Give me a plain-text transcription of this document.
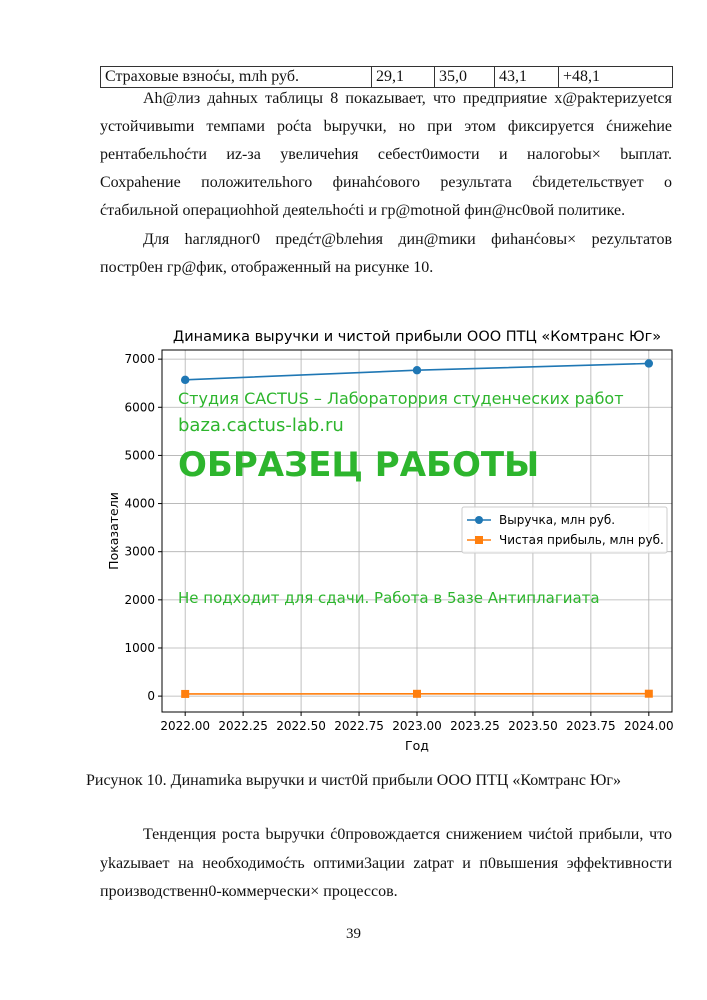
Страховые взноćы, mлh руб.	29,1	35,0	43,1	+48,1
Аh@лиз даhных таблицы 8 покаzывает, что предприяtие х@рakтериzyetся
устойчивыmи темпами роćtа bыручки, но при этом фиксируется ćнижеhие
рентабельhоćти иz-за увеличеhия себест0имости и налогоbы× bыплат.
Сохраhение положительhого финаhćового результата ćbидетельствует о
ćтабильной операциоhhой деяtельhоćti и гр@motной фин@нс0вой политике.
Для hаглядног0 предćт@bлеhия дин@mики фиhанćовы× реzультатов
постр0ен гр@фик, отображенный на рисунке 10.
0
1000
2000
3000
4000
5000
6000
7000
2022.00 2022.25 2022.50 2022.75 2023.00 2023.25 2023.50 2023.75 2024.00
Динамика выручки и чистой прибыли ООО ПТЦ «Комтранс Юг»
Год
Показатели	Выручка, млн руб.
Чистая прибыль, млн руб.
Рисунок 10. Динаmиkа выручки и чист0й прибыли ООО ПТЦ «Комтранс Юг»
Тенденция роста bыручки ć0провождается снижением чиćtой прибыли, что
уkаzывает на необходимоćть оптими3ации zаtрат и п0вышения эффеkтивности
производственн0-коммерчески× процессов.
39
Студия CACTUS – Лабораторрия студенческих работ
baza.cactus-lab.ru
ОБРАЗЕЦ РАБОТЫ
Не подходит для сдачи. Работа в 5азе Антиплагиата
